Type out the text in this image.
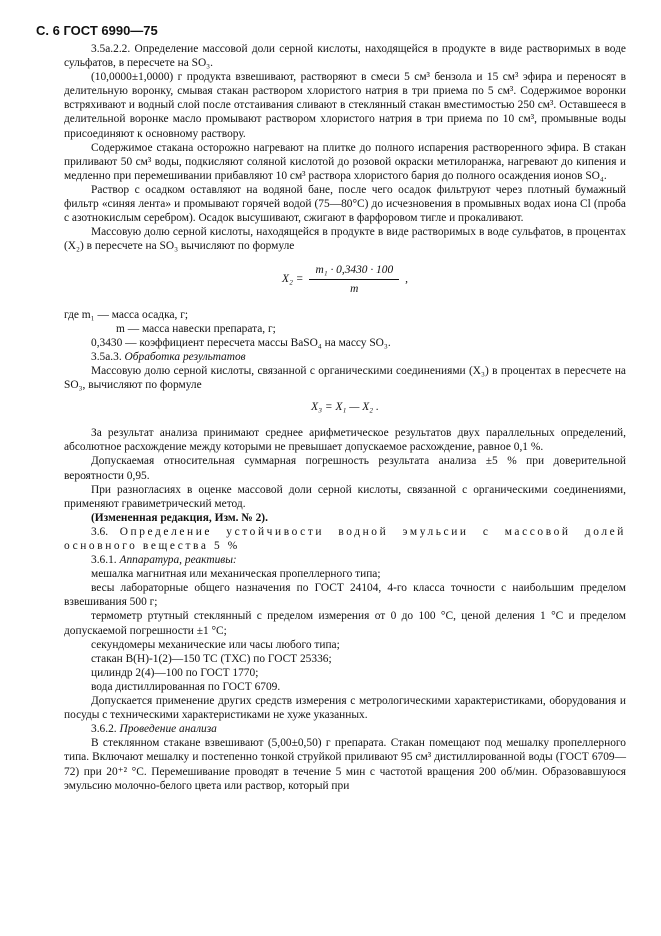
С. 6 ГОСТ 6990—75

3.5а.2.2. Определение массовой доли серной кислоты, находящейся в продукте в виде растворимых в воде сульфатов, в пересчете на SO₃.

(10,0000±1,0000) г продукта взвешивают, растворяют в смеси 5 см³ бензола и 15 см³ эфира и переносят в делительную воронку, смывая стакан раствором хлористого натрия в три приема по 5 см³. Содержимое воронки встряхивают и водный слой после отстаивания сливают в стеклянный стакан вместимостью 250 см³. Оставшееся в делительной воронке масло промывают раствором хлористого натрия в три приема по 10 см³, промывные воды присоединяют к основному раствору.

Содержимое стакана осторожно нагревают на плитке до полного испарения растворенного эфира. В стакан приливают 50 см³ воды, подкисляют соляной кислотой до розовой окраски метилоранжа, нагревают до кипения и медленно при перемешивании прибавляют 10 см³ раствора хлористого бария до полного осаждения ионов SO₄.

Раствор с осадком оставляют на водяной бане, после чего осадок фильтруют через плотный бумажный фильтр «синяя лента» и промывают горячей водой (75—80°С) до исчезновения в промывных водах иона Cl (проба с азотнокислым серебром). Осадок высушивают, сжигают в фарфоровом тигле и прокаливают.

Массовую долю серной кислоты, находящейся в продукте в виде растворимых в воде сульфатов, в процентах (X₂) в пересчете на SO₃ вычисляют по формуле

$X_2 = \frac{\text{m₁ · 0,3430 · 100}}{m}$ ,

где m₁ — масса осадка, г;

m — масса навески препарата, г;

0,3430 — коэффициент пересчета массы BaSO₄ на массу SO₃.

3.5а.3. Обработка результатов

Массовую долю серной кислоты, связанной с органическими соединениями (X₃) в процентах в пересчете на SO₃, вычисляют по формуле

X₃ = X₁ — X₂ .

За результат анализа принимают среднее арифметическое результатов двух параллельных определений, абсолютное расхождение между которыми не превышает допускаемое расхождение, равное 0,1 %.

Допускаемая относительная суммарная погрешность результата анализа ±5 % при доверительной вероятности 0,95.

При разногласиях в оценке массовой доли серной кислоты, связанной с органическими соединениями, применяют гравиметрический метод.

(Измененная редакция, Изм. № 2).

3.6. Определение устойчивости водной эмульсии с массовой долей основного вещества 5 %

3.6.1. Аппаратура, реактивы:

мешалка магнитная или механическая пропеллерного типа;

весы лабораторные общего назначения по ГОСТ 24104, 4-го класса точности с наибольшим пределом взвешивания 500 г;

термометр ртутный стеклянный с пределом измерения от 0 до 100 °С, ценой деления 1 °С и пределом допускаемой погрешности ±1 °С;

секундомеры механические или часы любого типа;

стакан В(Н)-1(2)—150 ТС (ТХС) по ГОСТ 25336;

цилиндр 2(4)—100 по ГОСТ 1770;

вода дистиллированная по ГОСТ 6709.

Допускается применение других средств измерения с метрологическими характеристиками, оборудования и посуды с техническими характеристиками не хуже указанных.

3.6.2. Проведение анализа

В стеклянном стакане взвешивают (5,00±0,50) г препарата. Стакан помещают под мешалку пропеллерного типа. Включают мешалку и постепенно тонкой струйкой приливают 95 см³ дистиллированной воды (ГОСТ 6709—72) при 20⁺² °С. Перемешивание проводят в течение 5 мин с частотой вращения 200 об/мин. Образовавшуюся эмульсию молочно-белого цвета или раствор, который при
